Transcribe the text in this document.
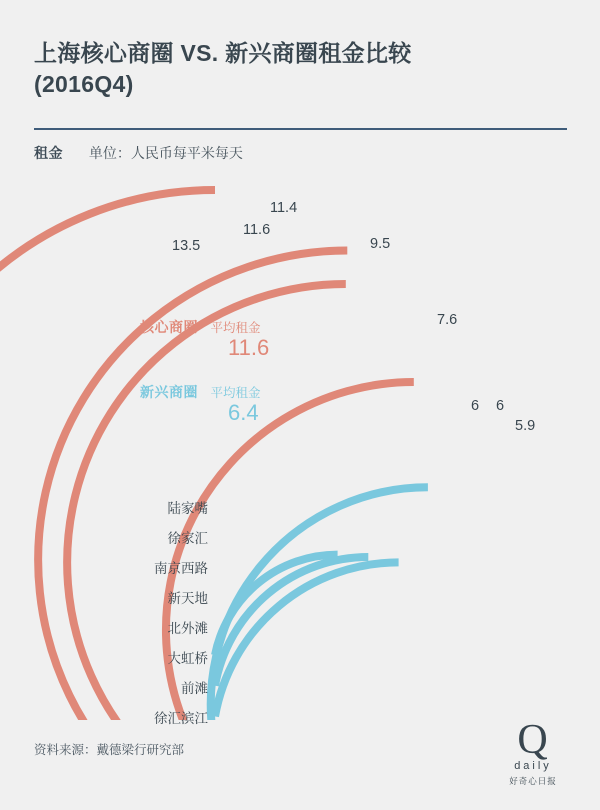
上海核心商圈 VS. 新兴商圈租金比较
(2016Q4)
租金 单位：人民币每平米每天
13.5
11.6
11.4
9.5
7.6
6 6
5.9
陆家嘴
徐家汇
南京西路
新天地
北外滩
大虹桥
前滩
徐汇滨江
核心商圈 平均租金
11.6
新兴商圈 平均租金
6.4
资料来源：戴德梁行研究部	Q
daily
好奇心日报
